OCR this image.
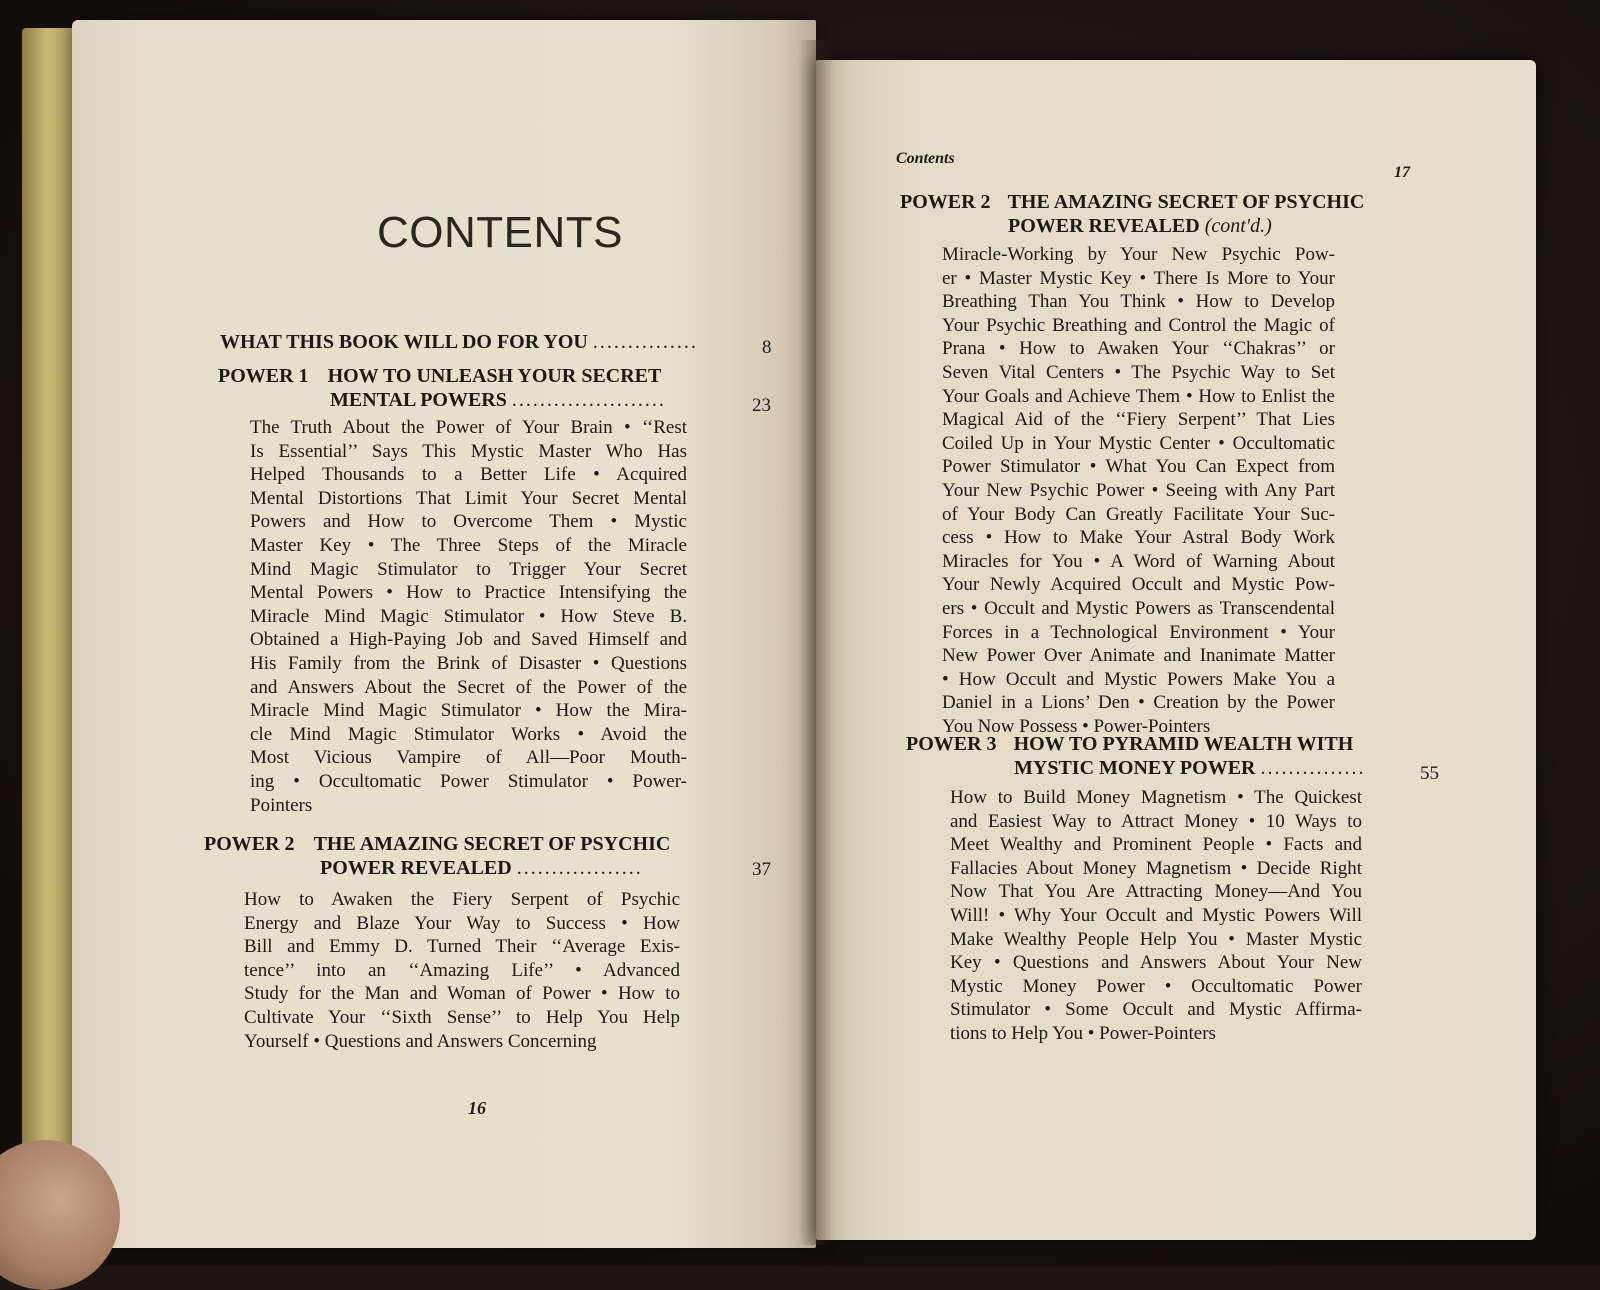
CONTENTS
WHAT THIS BOOK WILL DO FOR YOU ...............	8
POWER 1 HOW TO UNLEASH YOUR SECRET
MENTAL POWERS ......................	23
The Truth About the Power of Your Brain • ‘‘Rest
Is Essential’’ Says This Mystic Master Who Has
Helped Thousands to a Better Life • Acquired
Mental Distortions That Limit Your Secret Mental
Powers and How to Overcome Them • Mystic
Master Key • The Three Steps of the Miracle
Mind Magic Stimulator to Trigger Your Secret
Mental Powers • How to Practice Intensifying the
Miracle Mind Magic Stimulator • How Steve B.
Obtained a High-Paying Job and Saved Himself and
His Family from the Brink of Disaster • Questions
and Answers About the Secret of the Power of the
Miracle Mind Magic Stimulator • How the Mira-
cle Mind Magic Stimulator Works • Avoid the
Most Vicious Vampire of All—Poor Mouth-
ing • Occultomatic Power Stimulator • Power-
Pointers
POWER 2 THE AMAZING SECRET OF PSYCHIC
POWER REVEALED ..................	37
How to Awaken the Fiery Serpent of Psychic
Energy and Blaze Your Way to Success • How
Bill and Emmy D. Turned Their ‘‘Average Exis-
tence’’ into an ‘‘Amazing Life’’ • Advanced
Study for the Man and Woman of Power • How to
Cultivate Your ‘‘Sixth Sense’’ to Help You Help
Yourself • Questions and Answers Concerning
16
Contents
17
POWER 2 THE AMAZING SECRET OF PSYCHIC
POWER REVEALED (cont'd.)
Miracle-Working by Your New Psychic Pow-
er • Master Mystic Key • There Is More to Your
Breathing Than You Think • How to Develop
Your Psychic Breathing and Control the Magic of
Prana • How to Awaken Your ‘‘Chakras’’ or
Seven Vital Centers • The Psychic Way to Set
Your Goals and Achieve Them • How to Enlist the
Magical Aid of the ‘‘Fiery Serpent’’ That Lies
Coiled Up in Your Mystic Center • Occultomatic
Power Stimulator • What You Can Expect from
Your New Psychic Power • Seeing with Any Part
of Your Body Can Greatly Facilitate Your Suc-
cess • How to Make Your Astral Body Work
Miracles for You • A Word of Warning About
Your Newly Acquired Occult and Mystic Pow-
ers • Occult and Mystic Powers as Transcendental
Forces in a Technological Environment • Your
New Power Over Animate and Inanimate Matter
• How Occult and Mystic Powers Make You a
Daniel in a Lions’ Den • Creation by the Power
You Now Possess • Power-Pointers
POWER 3 HOW TO PYRAMID WEALTH WITH
MYSTIC MONEY POWER ...............	55
How to Build Money Magnetism • The Quickest
and Easiest Way to Attract Money • 10 Ways to
Meet Wealthy and Prominent People • Facts and
Fallacies About Money Magnetism • Decide Right
Now That You Are Attracting Money—And You
Will! • Why Your Occult and Mystic Powers Will
Make Wealthy People Help You • Master Mystic
Key • Questions and Answers About Your New
Mystic Money Power • Occultomatic Power
Stimulator • Some Occult and Mystic Affirma-
tions to Help You • Power-Pointers
